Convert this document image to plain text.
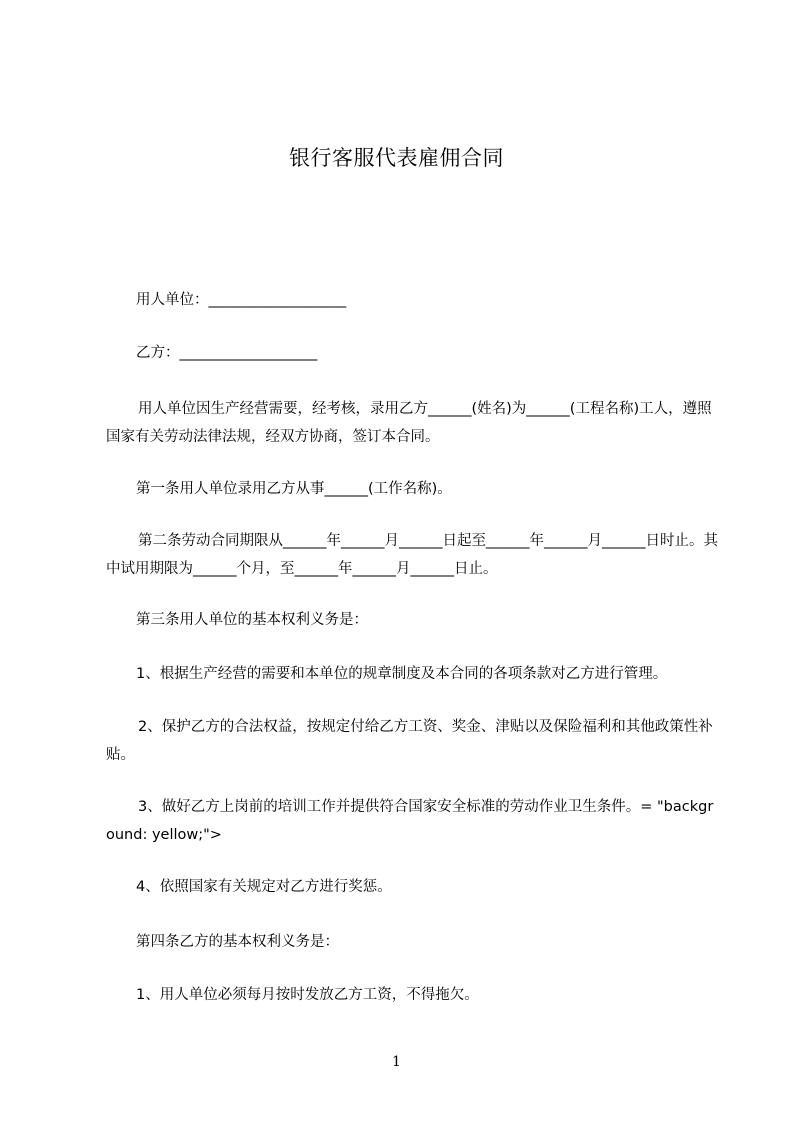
银行客服代表雇佣合同
用人单位：___________________
乙方：___________________
用人单位因生产经营需要，经考核，录用乙方______(姓名)为______(工程名称)工人，遵照国家有关劳动法律法规，经双方协商，签订本合同。
第一条用人单位录用乙方从事______(工作名称)。
第二条劳动合同期限从______年______月______日起至______年______月______日时止。其中试用期限为______个月，至______年______月______日止。
第三条用人单位的基本权利义务是：
1、根据生产经营的需要和本单位的规章制度及本合同的各项条款对乙方进行管理。
2、保护乙方的合法权益，按规定付给乙方工资、奖金、津贴以及保险福利和其他政策性补贴。
3、做好乙方上岗前的培训工作并提供符合国家安全标准的劳动作业卫生条件。= "background: yellow;">
4、依照国家有关规定对乙方进行奖惩。
第四条乙方的基本权利义务是：
1、用人单位必须每月按时发放乙方工资，不得拖欠。
1
